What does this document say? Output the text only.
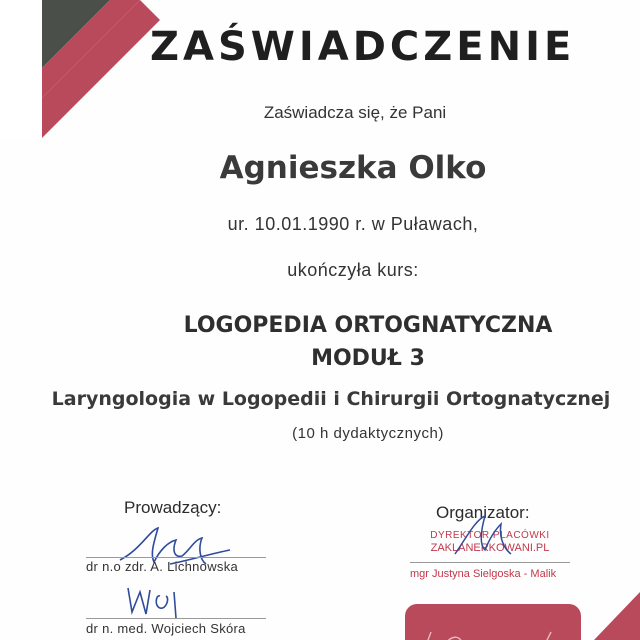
ZAŚWIADCZENIE
Zaświadcza się, że Pani
Agnieszka Olko
ur. 10.01.1990 r. w Puławach,
ukończyła kurs:
LOGOPEDIA ORTOGNATYCZNA
MODUŁ 3
Laryngologia w Logopedii i Chirurgii Ortognatycznej
(10 h dydaktycznych)
Prowadzący:	Organizator:
dr n.o zdr. A. Lichnowska
dr n. med. Wojciech Skóra
DYREKTOR PLACÓWKI
ZAKLANERKOWANI.PL
mgr Justyna Sielgoska - Malik
